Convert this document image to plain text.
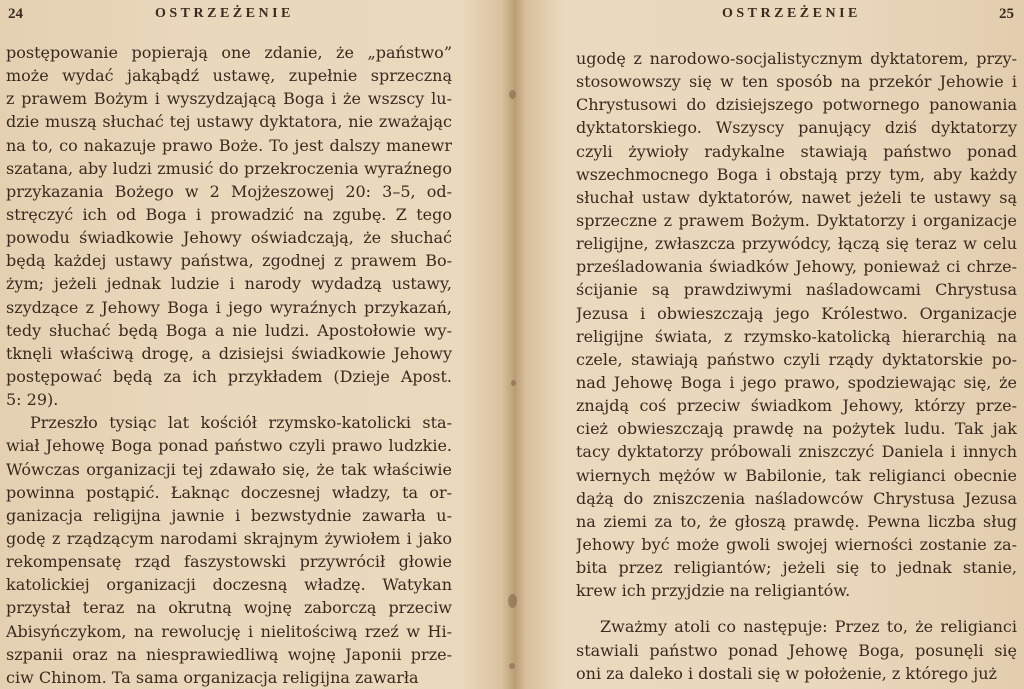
24	OSTRZEŻENIE
postępowanie popierają one zdanie, że „państwo”
może wydać jakąbądź ustawę, zupełnie sprzeczną
z prawem Bożym i wyszydzającą Boga i że wszscy lu-
dzie muszą słuchać tej ustawy dyktatora, nie zważając
na to, co nakazuje prawo Boże. To jest dalszy manewr
szatana, aby ludzi zmusić do przekroczenia wyraźnego
przykazania Bożego w 2 Mojżeszowej 20: 3–5, od-
stręczyć ich od Boga i prowadzić na zgubę. Z tego
powodu świadkowie Jehowy oświadczają, że słuchać
będą każdej ustawy państwa, zgodnej z prawem Bo-
żym; jeżeli jednak ludzie i narody wydadzą ustawy,
szydzące z Jehowy Boga i jego wyraźnych przykazań,
tedy słuchać będą Boga a nie ludzi. Apostołowie wy-
tknęli właściwą drogę, a dzisiejsi świadkowie Jehowy
postępować będą za ich przykładem (Dzieje Apost.
5: 29).
Przeszło tysiąc lat kościół rzymsko-katolicki sta-
wiał Jehowę Boga ponad państwo czyli prawo ludzkie.
Wówczas organizacji tej zdawało się, że tak właściwie
powinna postąpić. Łaknąc doczesnej władzy, ta or-
ganizacja religijna jawnie i bezwstydnie zawarła u-
godę z rządzącym narodami skrajnym żywiołem i jako
rekompensatę rząd faszystowski przywrócił głowie
katolickiej organizacji doczesną władzę. Watykan
przystał teraz na okrutną wojnę zaborczą przeciw
Abisyńczykom, na rewolucję i nielitościwą rzeź w Hi-
szpanii oraz na niesprawiedliwą wojnę Japonii prze-
ciw Chinom. Ta sama organizacja religijna zawarła
OSTRZEŻENIE	25
ugodę z narodowo-socjalistycznym dyktatorem, przy-
stosowowszy się w ten sposób na przekór Jehowie i
Chrystusowi do dzisiejszego potwornego panowania
dyktatorskiego. Wszyscy panujący dziś dyktatorzy
czyli żywioły radykalne stawiają państwo ponad
wszechmocnego Boga i obstają przy tym, aby każdy
słuchał ustaw dyktatorów, nawet jeżeli te ustawy są
sprzeczne z prawem Bożym. Dyktatorzy i organizacje
religijne, zwłaszcza przywódcy, łączą się teraz w celu
prześladowania świadków Jehowy, ponieważ ci chrze-
ścijanie są prawdziwymi naśladowcami Chrystusa
Jezusa i obwieszczają jego Królestwo. Organizacje
religijne świata, z rzymsko-katolicką hierarchią na
czele, stawiają państwo czyli rządy dyktatorskie po-
nad Jehowę Boga i jego prawo, spodziewając się, że
znajdą coś przeciw świadkom Jehowy, którzy prze-
cież obwieszczają prawdę na pożytek ludu. Tak jak
tacy dyktatorzy próbowali zniszczyć Daniela i innych
wiernych mężów w Babilonie, tak religianci obecnie
dążą do zniszczenia naśladowców Chrystusa Jezusa
na ziemi za to, że głoszą prawdę. Pewna liczba sług
Jehowy być może gwoli swojej wierności zostanie za-
bita przez religiantów; jeżeli się to jednak stanie,
krew ich przyjdzie na religiantów.
Zważmy atoli co następuje: Przez to, że religianci
stawiali państwo ponad Jehowę Boga, posunęli się
oni za daleko i dostali się w położenie, z którego już
